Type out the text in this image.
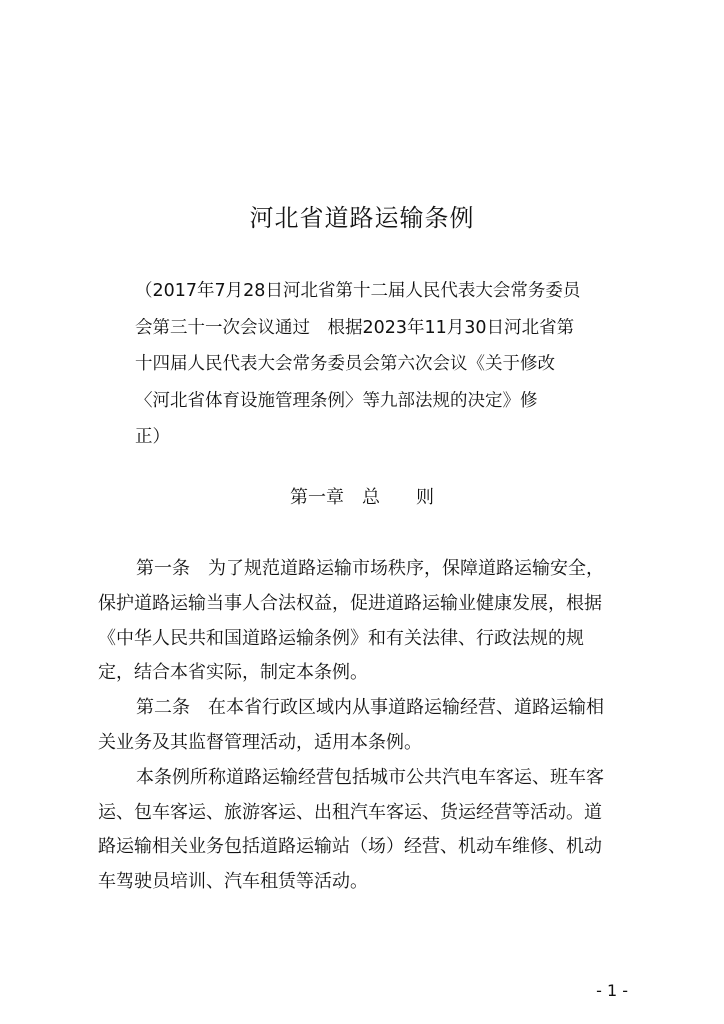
河北省道路运输条例
（2017年7月28日河北省第十二届人民代表大会常务委员
会第三十一次会议通过　根据2023年11月30日河北省第
十四届人民代表大会常务委员会第六次会议《关于修改
〈河北省体育设施管理条例〉等九部法规的决定》修
正）
第一章　总　　则
第一条　为了规范道路运输市场秩序，保障道路运输安全，
保护道路运输当事人合法权益，促进道路运输业健康发展，根据
《中华人民共和国道路运输条例》和有关法律、行政法规的规
定，结合本省实际，制定本条例。
第二条　在本省行政区域内从事道路运输经营、道路运输相
关业务及其监督管理活动，适用本条例。
本条例所称道路运输经营包括城市公共汽电车客运、班车客
运、包车客运、旅游客运、出租汽车客运、货运经营等活动。道
路运输相关业务包括道路运输站（场）经营、机动车维修、机动
车驾驶员培训、汽车租赁等活动。
- 1 -
